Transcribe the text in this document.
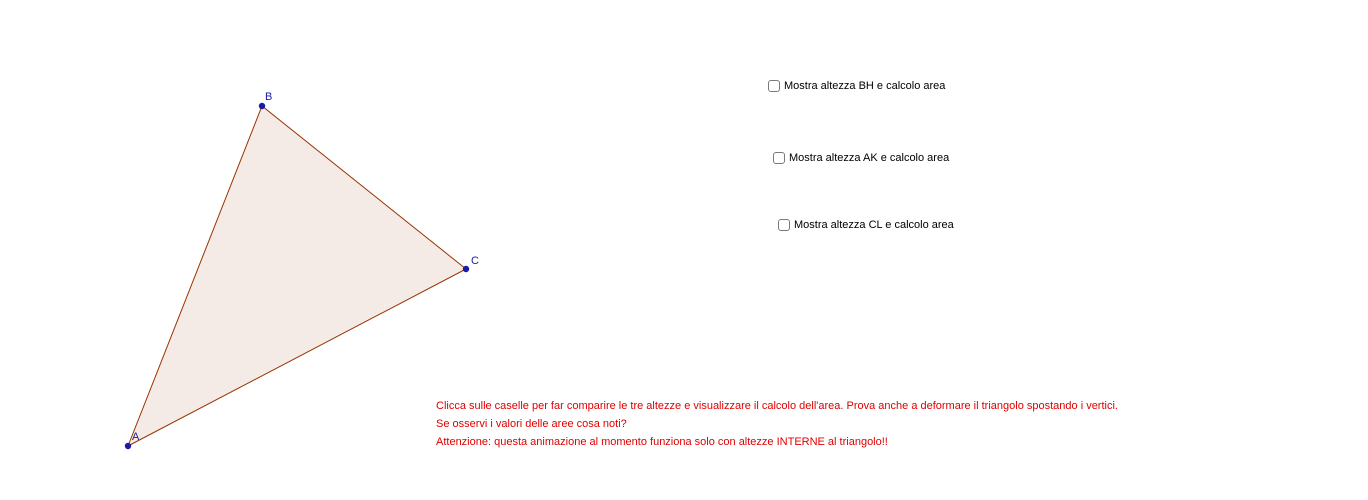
A
B
C
Mostra altezza BH e calcolo area
Mostra altezza AK e calcolo area
Mostra altezza CL e calcolo area
Clicca sulle caselle per far comparire le tre altezze e visualizzare il calcolo dell'area. Prova anche a deformare il triangolo spostando i vertici.
Se osservi i valori delle aree cosa noti?
Attenzione: questa animazione al momento funziona solo con altezze INTERNE al triangolo!!
